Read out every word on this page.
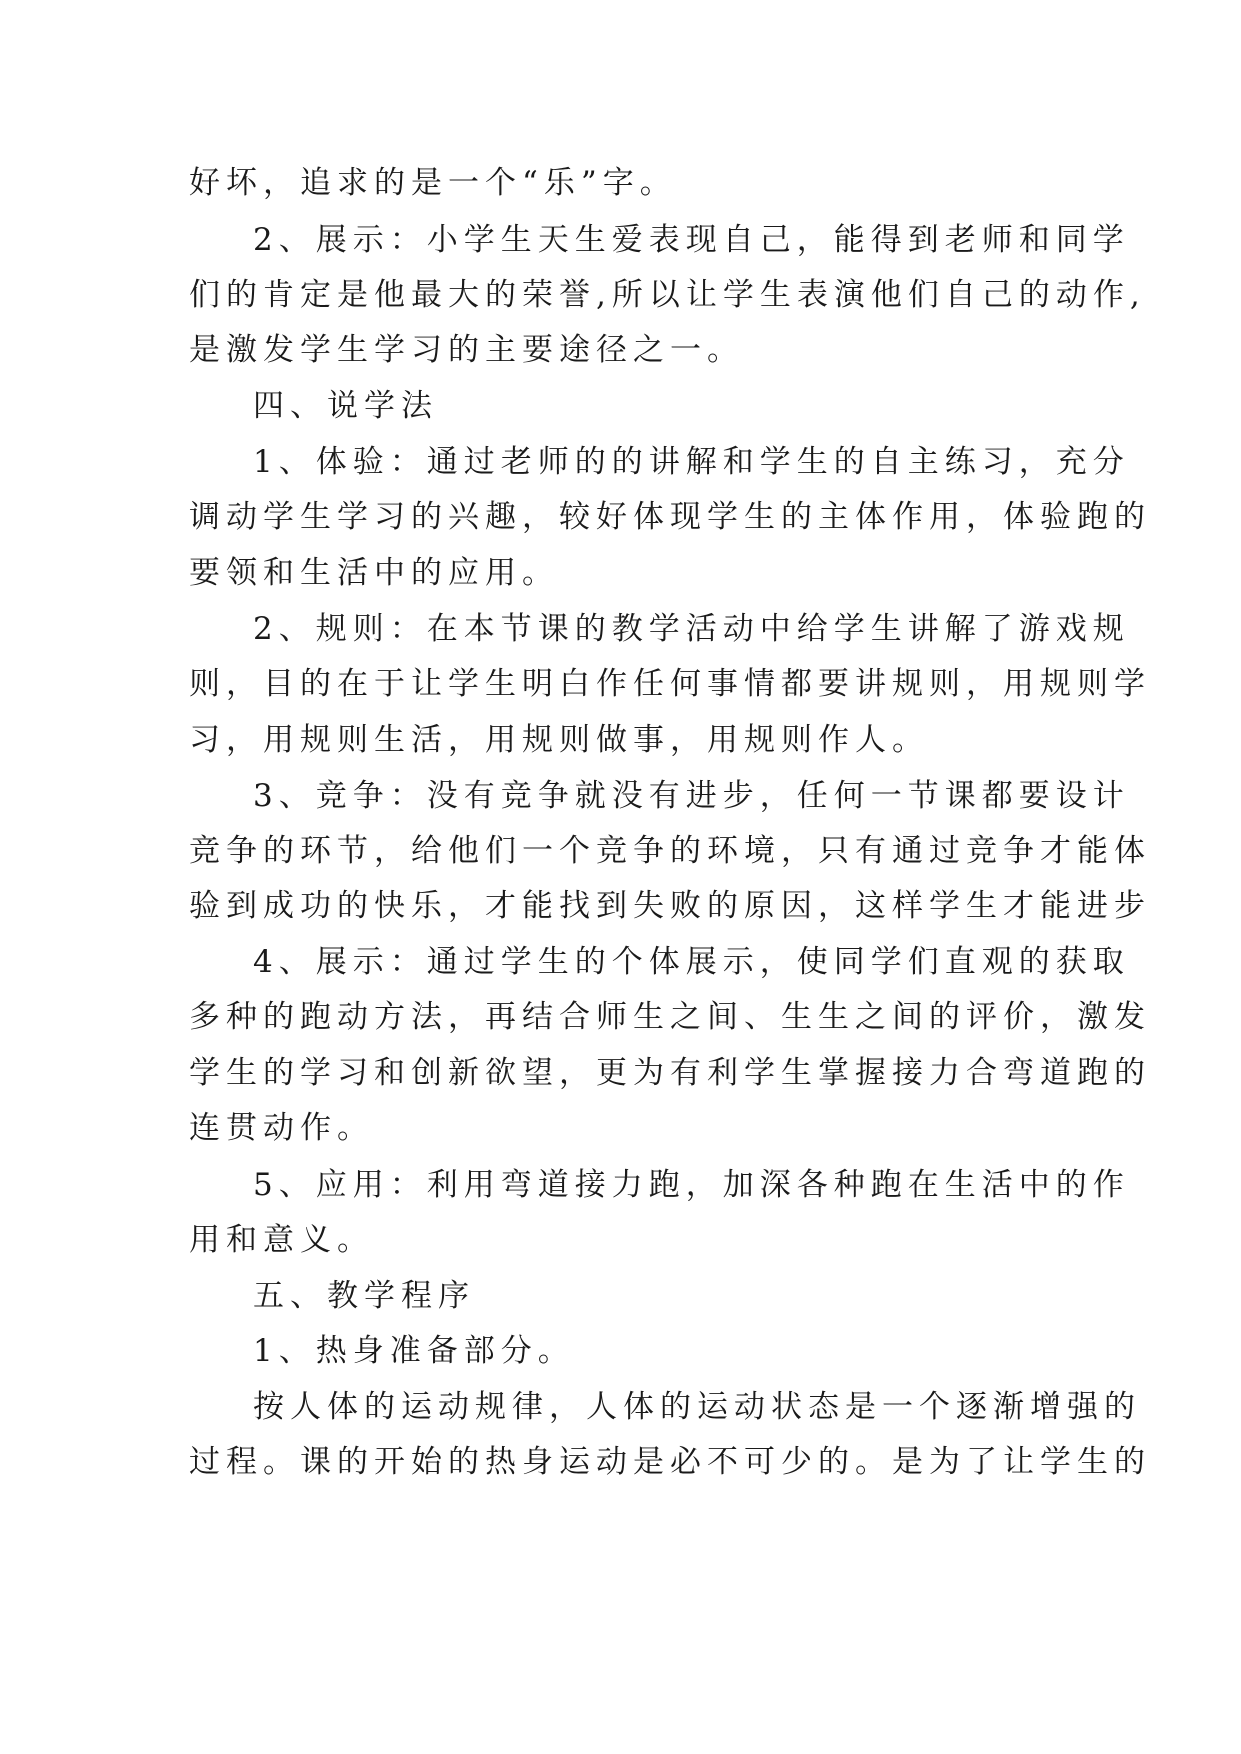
好坏，追求的是一个“乐”字。
2、展示：小学生天生爱表现自己，能得到老师和同学
们的肯定是他最大的荣誉,所以让学生表演他们自己的动作,
是激发学生学习的主要途径之一。
四、说学法
1、体验：通过老师的的讲解和学生的自主练习，充分
调动学生学习的兴趣，较好体现学生的主体作用，体验跑的
要领和生活中的应用。
2、规则：在本节课的教学活动中给学生讲解了游戏规
则，目的在于让学生明白作任何事情都要讲规则，用规则学
习，用规则生活，用规则做事，用规则作人。
3、竞争：没有竞争就没有进步，任何一节课都要设计
竞争的环节，给他们一个竞争的环境，只有通过竞争才能体
验到成功的快乐，才能找到失败的原因，这样学生才能进步
4、展示：通过学生的个体展示，使同学们直观的获取
多种的跑动方法，再结合师生之间、生生之间的评价，激发
学生的学习和创新欲望，更为有利学生掌握接力合弯道跑的
连贯动作。
5、应用：利用弯道接力跑，加深各种跑在生活中的作
用和意义。
五、教学程序
1、热身准备部分。
按人体的运动规律，人体的运动状态是一个逐渐增强的
过程。课的开始的热身运动是必不可少的。是为了让学生的
